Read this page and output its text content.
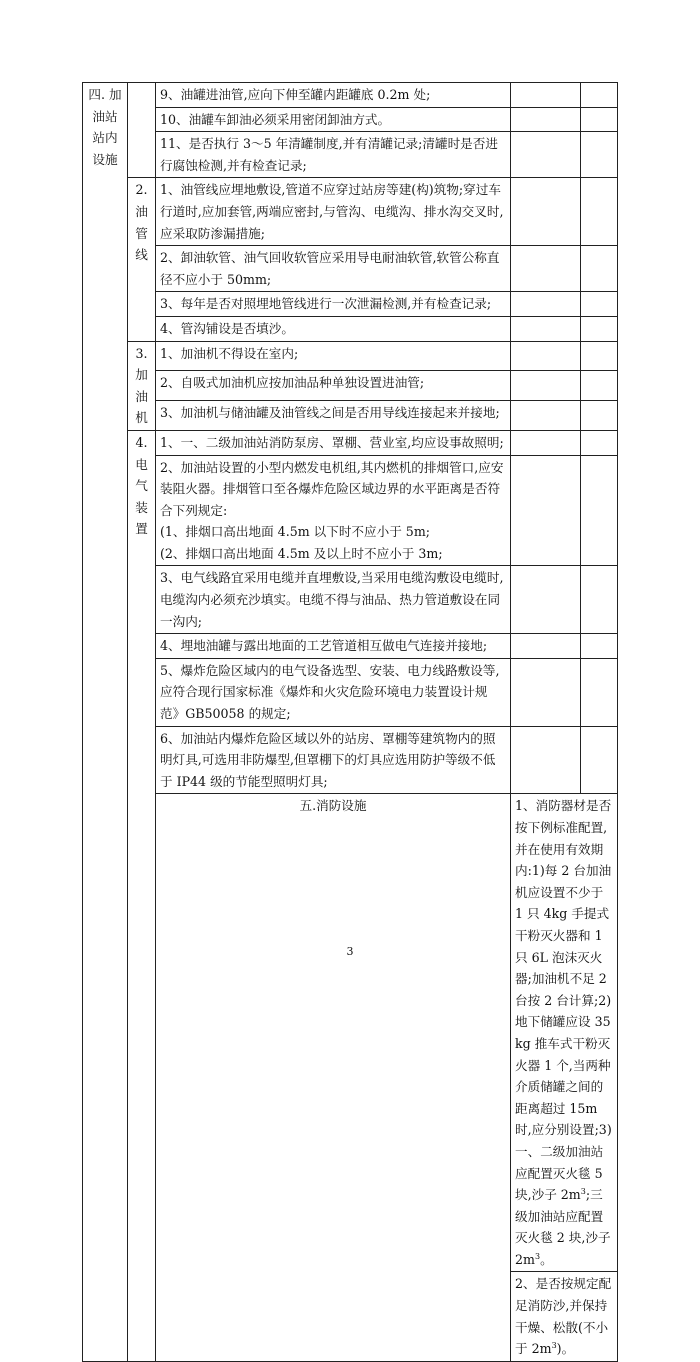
四. 加油站站内设施		9、油罐进油管,应向下伸至罐内距罐底 0.2m 处;			
		10、油罐车卸油必须采用密闭卸油方式。			
		11、是否执行 3～5 年清罐制度,并有清罐记录;清罐时是否进行腐蚀检测,并有检查记录;			

	2.油管线	1、油管线应埋地敷设,管道不应穿过站房等建(构)筑物;穿过车行道时,应加套管,两端应密封,与管沟、电缆沟、排水沟交叉时,应采取防渗漏措施;			
		2、卸油软管、油气回收软管应采用导电耐油软管,软管公称直径不应小于 50mm;			
		3、每年是否对照埋地管线进行一次泄漏检测,并有检查记录;			
		4、管沟铺设是否填沙。			

	3.加油机	1、加油机不得设在室内;			
		2、自吸式加油机应按加油品种单独设置进油管;			
		3、加油机与储油罐及油管线之间是否用导线连接起来并接地;			

	4.电气装置	1、一、二级加油站消防泵房、罩棚、营业室,均应设事故照明;			

		2、加油站设置的小型内燃发电机组,其内燃机的排烟管口,应安装阻火器。排烟管口至各爆炸危险区域边界的水平距离是否符合下列规定:
(1、排烟口高出地面 4.5m 以下时不应小于 5m;
(2、排烟口高出地面 4.5m 及以上时不应小于 3m;			

		3、电气线路宜采用电缆并直埋敷设,当采用电缆沟敷设电缆时,电缆沟内必须充沙填实。电缆不得与油品、热力管道敷设在同一沟内;			
		4、埋地油罐与露出地面的工艺管道相互做电气连接并接地;			
		5、爆炸危险区域内的电气设备选型、安装、电力线路敷设等,应符合现行国家标准《爆炸和火灾危险环境电力装置设计规范》GB50058 的规定;			
		6、加油站内爆炸危险区域以外的站房、罩棚等建筑物内的照明灯具,可选用非防爆型,但罩棚下的灯具应选用防护等级不低于 IP44 级的节能型照明灯具;			
		五.消防设施	1、消防器材是否按下例标准配置,并在使用有效期内:1)每 2 台加油机应设置不少于 1 只 4kg 手提式干粉灭火器和 1 只 6L 泡沫灭火器;加油机不足 2 台按 2 台计算;2)地下储罐应设 35kg 推车式干粉灭火器 1 个,当两种介质储罐之间的距离超过 15m 时,应分别设置;3)一、二级加油站应配置灭火毯 5 块,沙子 $2m^3$;三级加油站应配置灭火毯 2 块,沙子 $2m^3$。		
			2、是否按规定配足消防沙,并保持干燥、松散(不小于 $2m^3$)。		
3
